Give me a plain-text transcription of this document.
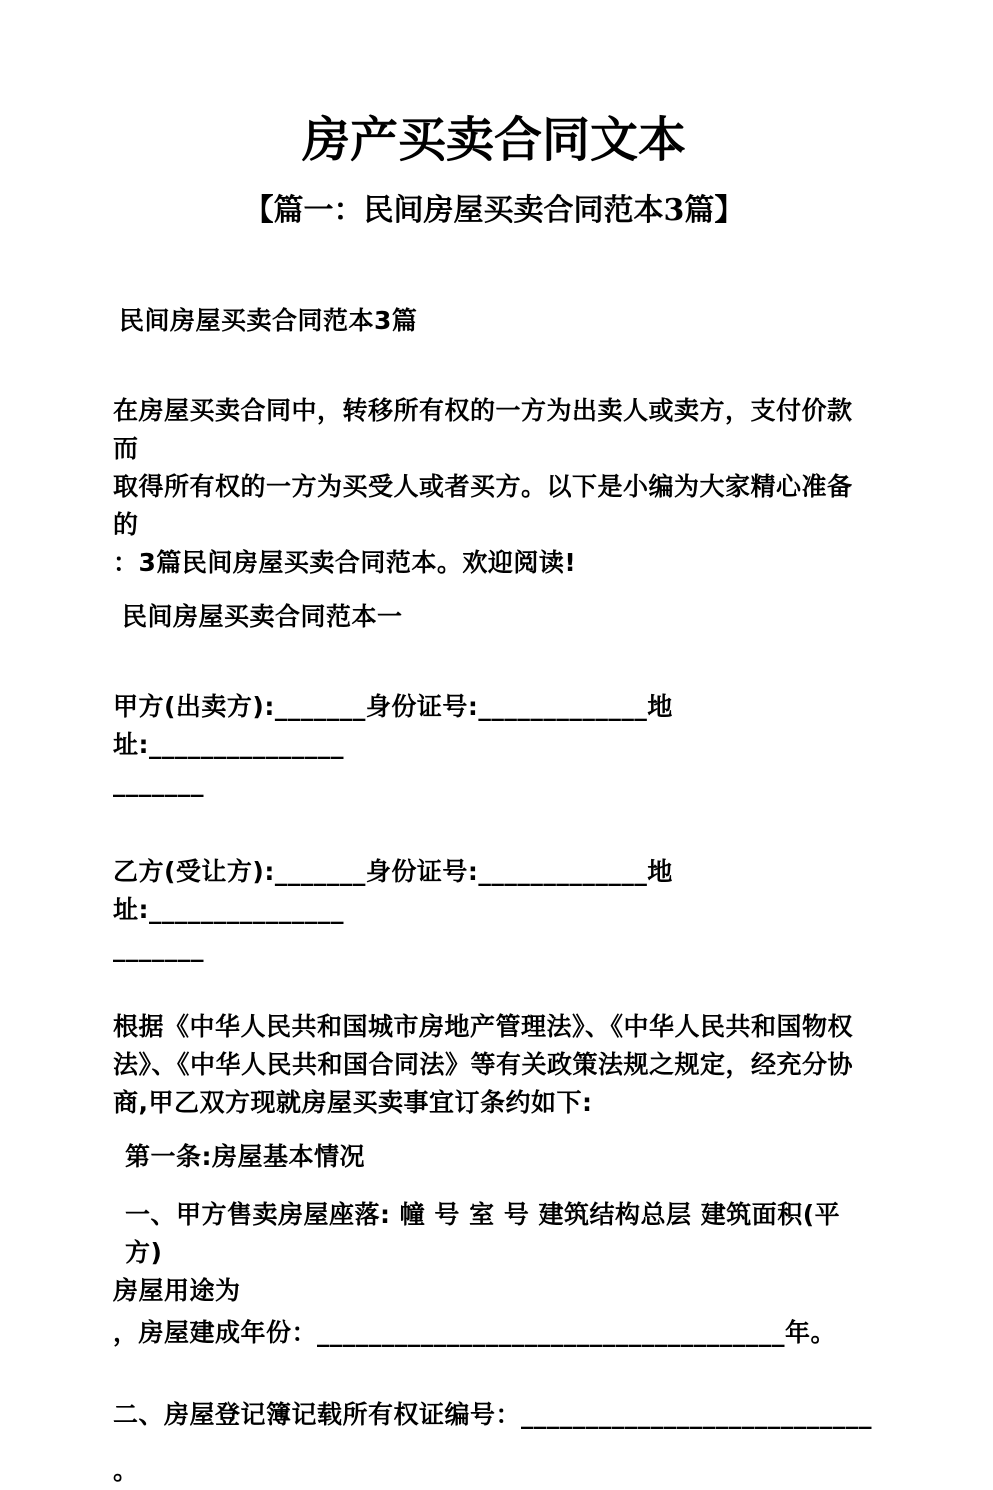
房产买卖合同文本
【篇一：民间房屋买卖合同范本3篇】
民间房屋买卖合同范本3篇
在房屋买卖合同中，转移所有权的一方为出卖人或卖方，支付价款而
取得所有权的一方为买受人或者买方。以下是小编为大家精心准备的
：3篇民间房屋买卖合同范本。欢迎阅读!
民间房屋买卖合同范本一
甲方(出卖方):_______身份证号:_____________地址:_______________
_______
乙方(受让方):_______身份证号:_____________地址:_______________
_______
根据《中华人民共和国城市房地产管理法》、《中华人民共和国物权
法》、《中华人民共和国合同法》等有关政策法规之规定，经充分协
商,甲乙双方现就房屋买卖事宜订条约如下:
第一条:房屋基本情况
一、甲方售卖房屋座落: 幢 号 室 号 建筑结构总层 建筑面积(平方)
房屋用途为
，房屋建成年份：____________________________________年。
二、房屋登记簿记载所有权证编号：___________________________
。
